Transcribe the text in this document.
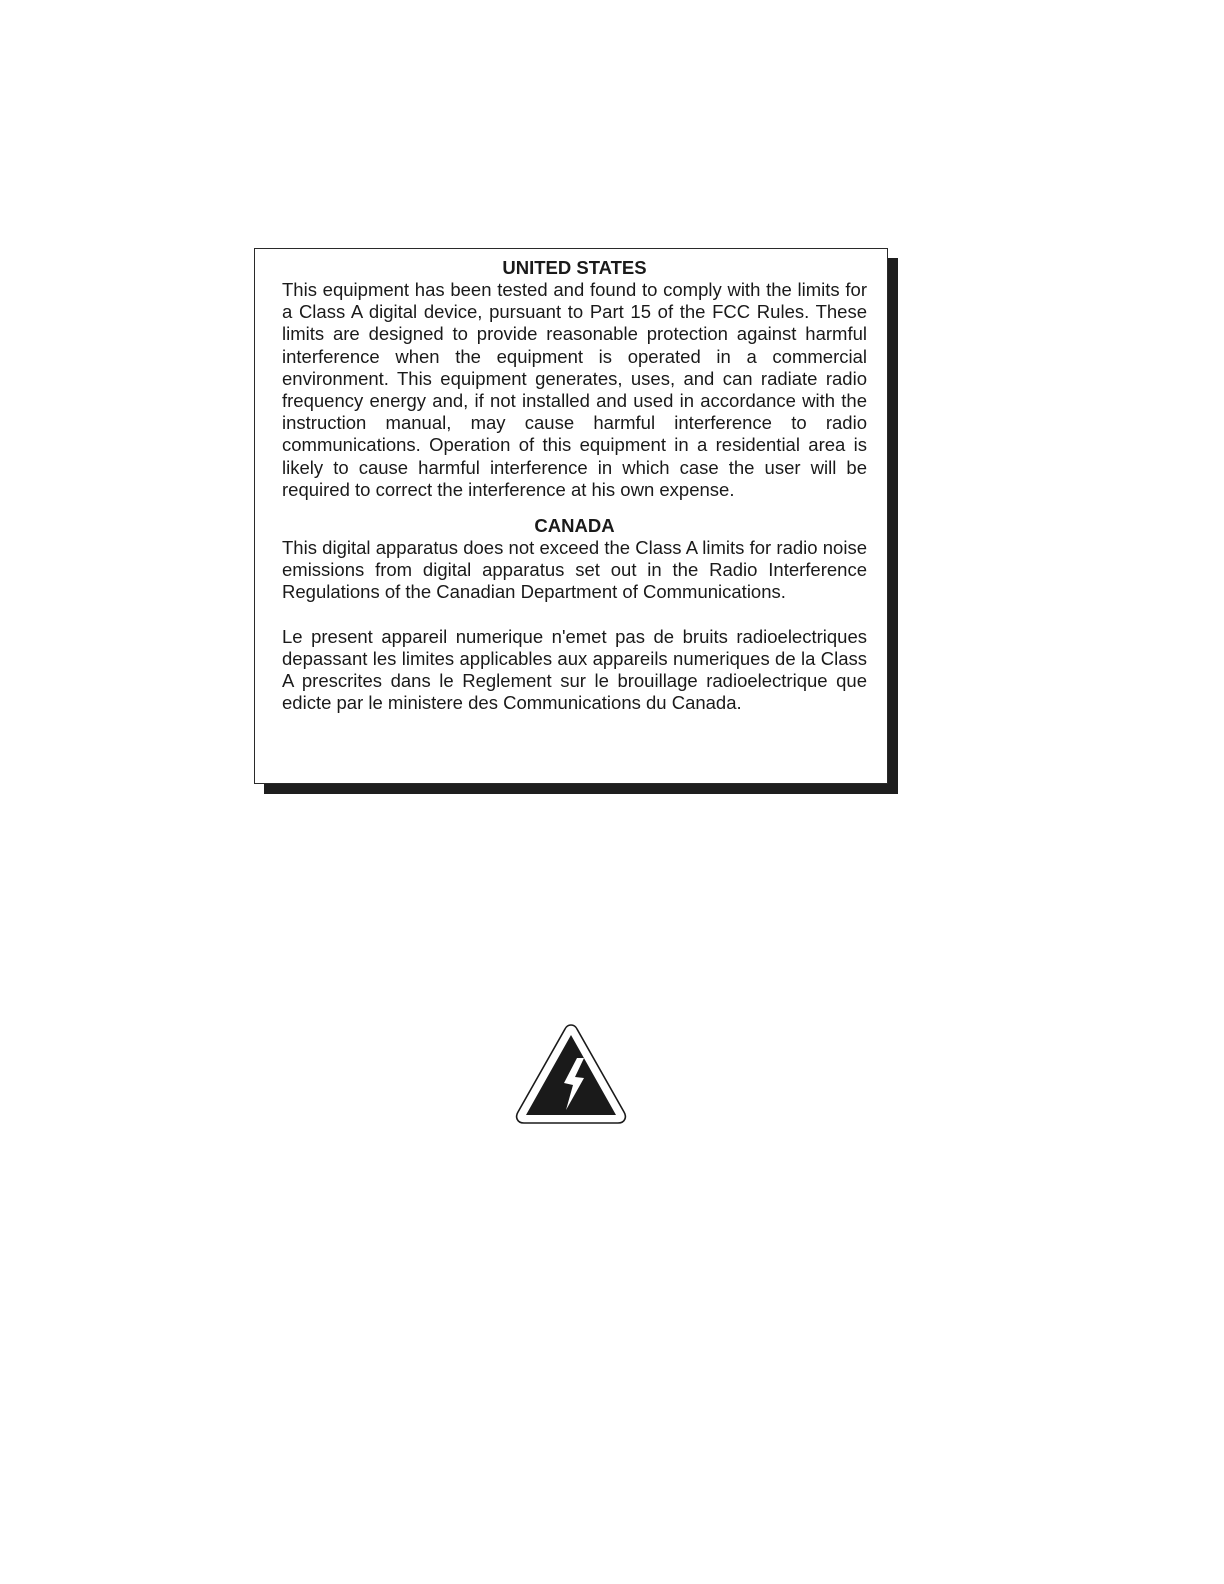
UNITED STATES

This equipment has been tested and found to comply with the limits for a Class A digital device, pursuant to Part 15 of the FCC Rules. These limits are designed to provide reasonable protection against harmful interference when the equipment is operated in a commercial environment. This equipment generates, uses, and can radiate radio frequency energy and, if not installed and used in accordance with the instruction manual, may cause harmful interference to radio communications. Operation of this equipment in a residential area is likely to cause harmful interference in which case the user will be required to correct the interference at his own expense.

CANADA

This digital apparatus does not exceed the Class A limits for radio noise emissions from digital apparatus set out in the Radio Interference Regulations of the Canadian Department of Communications.

Le present appareil numerique n'emet pas de bruits radioelectriques depassant les limites applicables aux appareils numeriques de la Class A prescrites dans le Reglement sur le brouillage radioelectrique que edicte par le ministere des Communications du Canada.
